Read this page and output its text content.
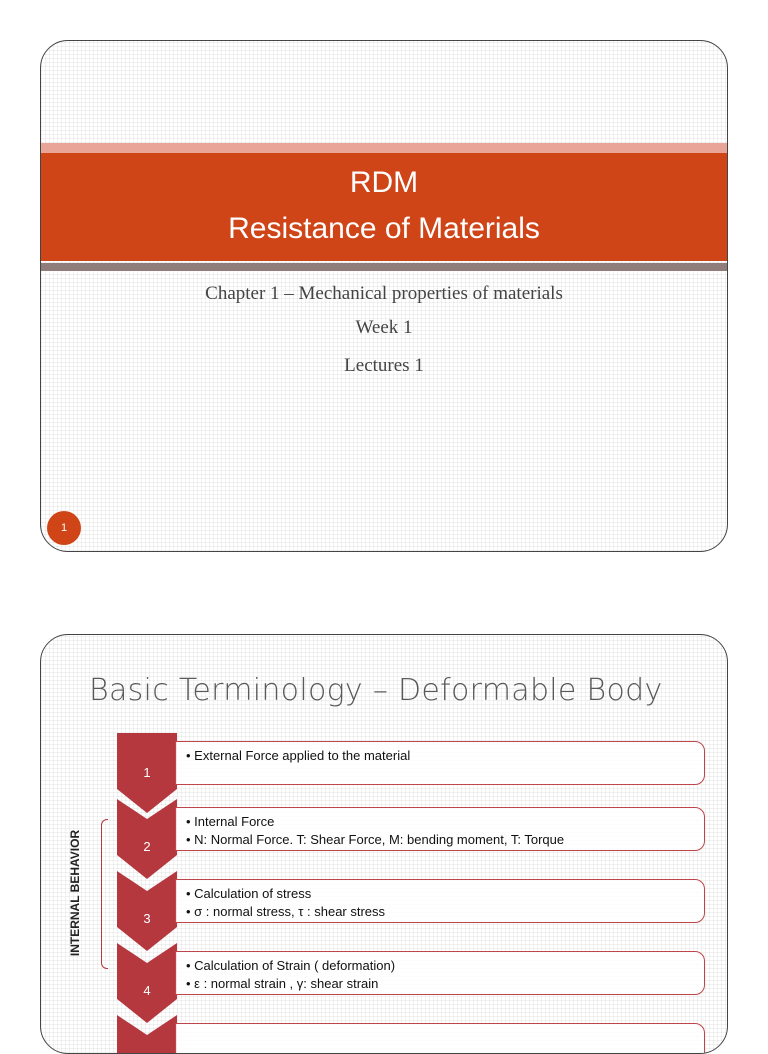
RDM
Resistance of Materials
Chapter 1 – Mechanical properties of materials
Week 1
Lectures 1
1
Basic Terminology – Deformable Body
INTERNAL BEHAVIOR
1
• External Force applied to the material
2
• Internal Force
• N: Normal Force. T: Shear Force, M: bending moment, T: Torque
3
• Calculation of stress
• σ : normal stress, τ : shear stress
4
• Calculation of Strain ( deformation)
• ε : normal strain , γ: shear strain
